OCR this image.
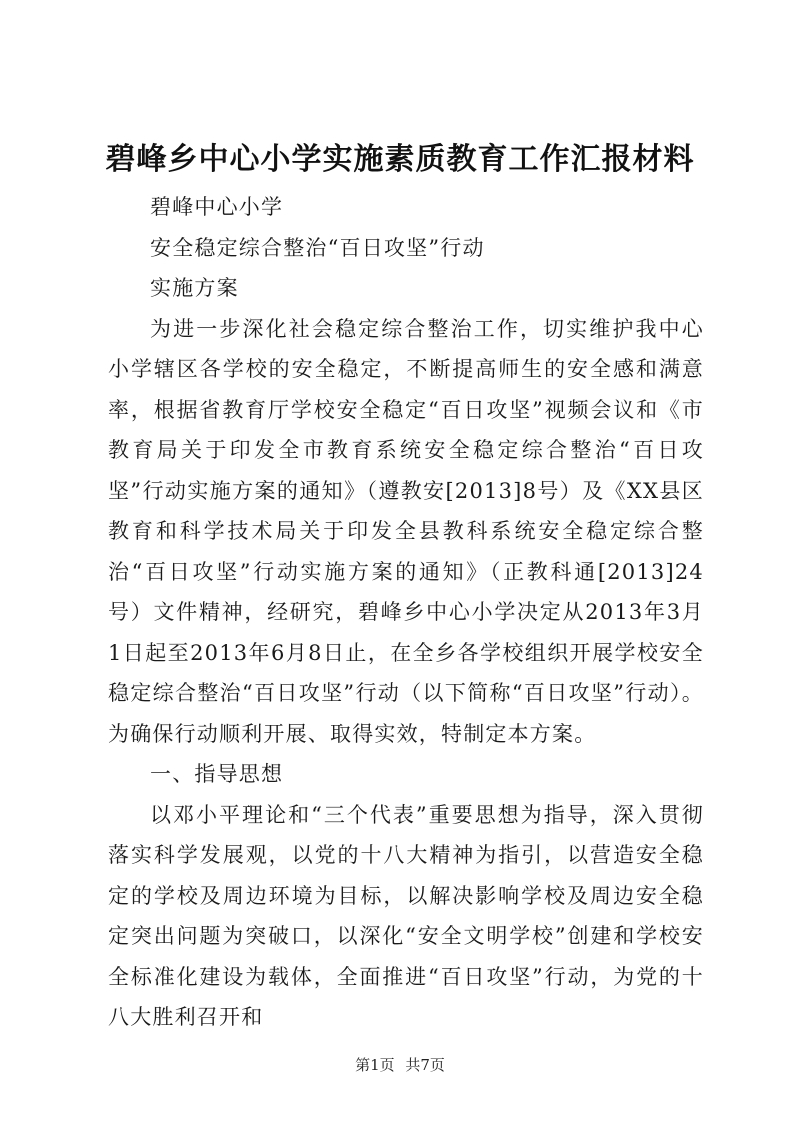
碧峰乡中心小学实施素质教育工作汇报材料

碧峰中心小学

安全稳定综合整治“百日攻坚”行动

实施方案

为进一步深化社会稳定综合整治工作，切实维护我中心小学辖区各学校的安全稳定，不断提高师生的安全感和满意率，根据省教育厅学校安全稳定“百日攻坚”视频会议和《市教育局关于印发全市教育系统安全稳定综合整治“百日攻坚”行动实施方案的通知》（遵教安[2013]8号）及《XX县区教育和科学技术局关于印发全县教科系统安全稳定综合整治“百日攻坚”行动实施方案的通知》（正教科通[2013]24号）文件精神，经研究，碧峰乡中心小学决定从2013年3月1日起至2013年6月8日止，在全乡各学校组织开展学校安全稳定综合整治“百日攻坚”行动（以下简称“百日攻坚”行动）。为确保行动顺利开展、取得实效，特制定本方案。

一、指导思想

以邓小平理论和“三个代表”重要思想为指导，深入贯彻落实科学发展观，以党的十八大精神为指引，以营造安全稳定的学校及周边环境为目标，以解决影响学校及周边安全稳定突出问题为突破口，以深化“安全文明学校”创建和学校安全标准化建设为载体，全面推进“百日攻坚”行动，为党的十八大胜利召开和

第1页 共7页
